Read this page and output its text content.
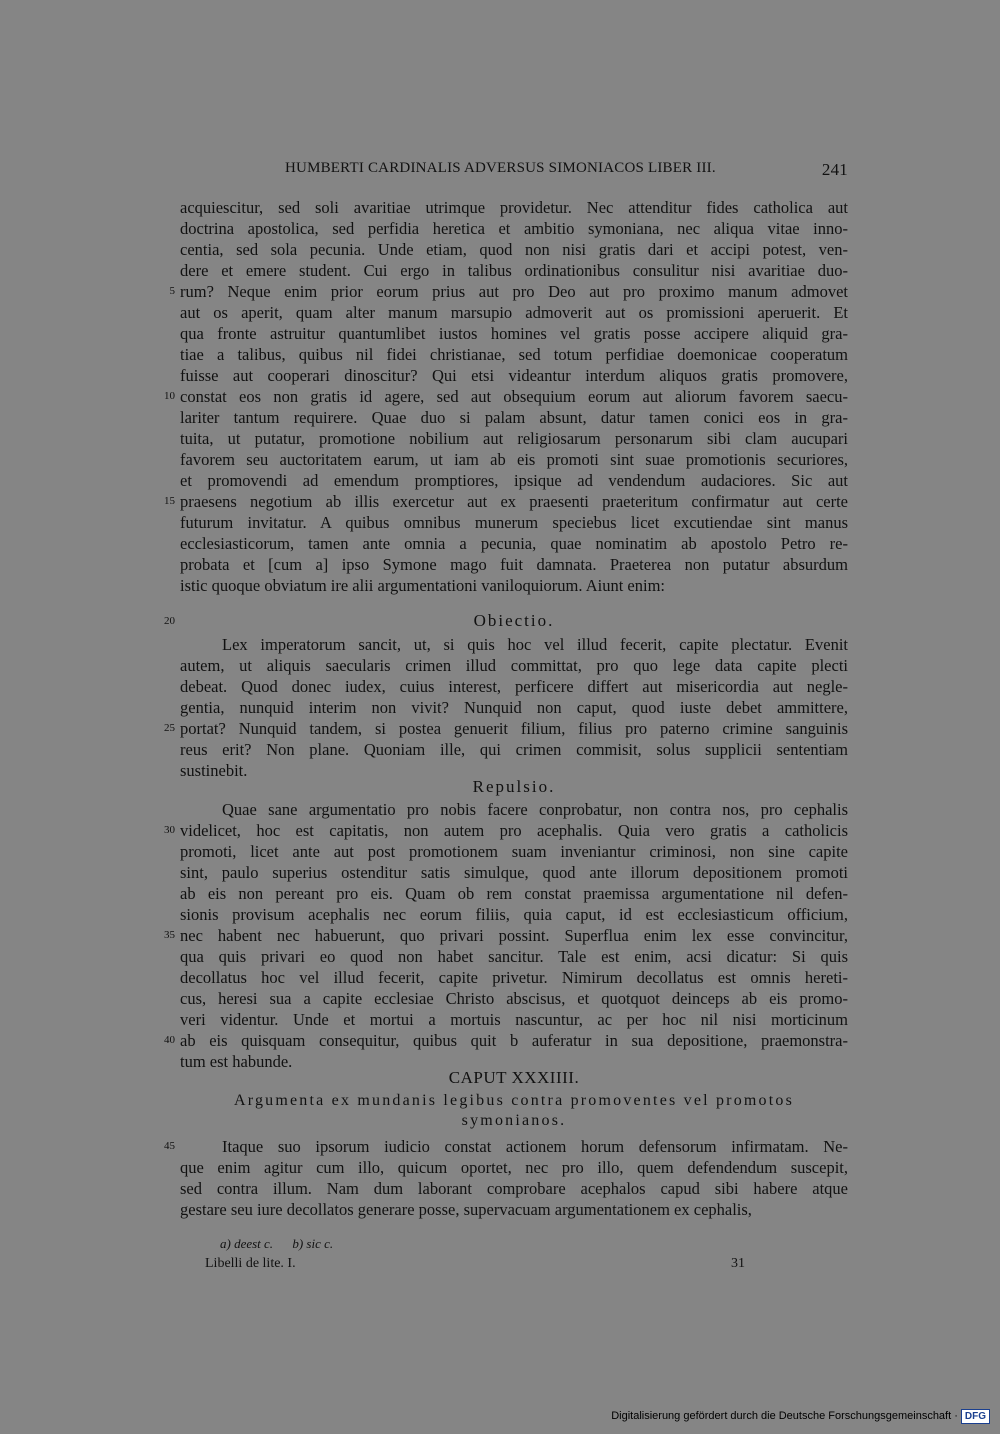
HUMBERTI CARDINALIS ADVERSUS SIMONIACOS LIBER III.	241
acquiescitur, sed soli avaritiae utrimque providetur. Nec attenditur fides catholica aut
doctrina apostolica, sed perfidia heretica et ambitio symoniana, nec aliqua vitae inno-
centia, sed sola pecunia. Unde etiam, quod non nisi gratis dari et accipi potest, ven-
dere et emere student. Cui ergo in talibus ordinationibus consulitur nisi avaritiae duo-
5 rum? Neque enim prior eorum prius aut pro Deo aut pro proximo manum admovet
aut os aperit, quam alter manum marsupio admoverit aut os promissioni aperuerit. Et
qua fronte astruitur quantumlibet iustos homines vel gratis posse accipere aliquid gra-
tiae a talibus, quibus nil fidei christianae, sed totum perfidiae doemonicae cooperatum
fuisse aut cooperari dinoscitur? Qui etsi videantur interdum aliquos gratis promovere,
10 constat eos non gratis id agere, sed aut obsequium eorum aut aliorum favorem saecu-
lariter tantum requirere. Quae duo si palam absunt, datur tamen conici eos in gra-
tuita, ut putatur, promotione nobilium aut religiosarum personarum sibi clam aucupari
favorem seu auctoritatem earum, ut iam ab eis promoti sint suae promotionis securiores,
et promovendi ad emendum promptiores, ipsique ad vendendum audaciores. Sic aut
15 praesens negotium ab illis exercetur aut ex praesenti praeteritum confirmatur aut certe
futurum invitatur. A quibus omnibus munerum speciebus licet excutiendae sint manus
ecclesiasticorum, tamen ante omnia a pecunia, quae nominatim ab apostolo Petro re-
probata et [cum a] ipso Symone mago fuit damnata. Praeterea non putatur absurdum
istic quoque obviatum ire alii argumentationi vaniloquiorum. Aiunt enim:
20	Obiectio.
Lex imperatorum sancit, ut, si quis hoc vel illud fecerit, capite plectatur. Evenit
autem, ut aliquis saecularis crimen illud committat, pro quo lege data capite plecti
debeat. Quod donec iudex, cuius interest, perficere differt aut misericordia aut negle-
gentia, nunquid interim non vivit? Nunquid non caput, quod iuste debet ammittere,
25 portat? Nunquid tandem, si postea genuerit filium, filius pro paterno crimine sanguinis
reus erit? Non plane. Quoniam ille, qui crimen commisit, solus supplicii sententiam
sustinebit.
Repulsio.
Quae sane argumentatio pro nobis facere conprobatur, non contra nos, pro cephalis
30 videlicet, hoc est capitatis, non autem pro acephalis. Quia vero gratis a catholicis
promoti, licet ante aut post promotionem suam inveniantur criminosi, non sine capite
sint, paulo superius ostenditur satis simulque, quod ante illorum depositionem promoti
ab eis non pereant pro eis. Quam ob rem constat praemissa argumentatione nil defen-
sionis provisum acephalis nec eorum filiis, quia caput, id est ecclesiasticum officium,
35 nec habent nec habuerunt, quo privari possint. Superflua enim lex esse convincitur,
qua quis privari eo quod non habet sancitur. Tale est enim, acsi dicatur: Si quis
decollatus hoc vel illud fecerit, capite privetur. Nimirum decollatus est omnis hereti-
cus, heresi sua a capite ecclesiae Christo abscisus, et quotquot deinceps ab eis promo-
veri videntur. Unde et mortui a mortuis nascuntur, ac per hoc nil nisi morticinum
40 ab eis quisquam consequitur, quibus quit b auferatur in sua depositione, praemonstra-
tum est habunde.
CAPUT XXXIIII.
Argumenta ex mundanis legibus contra promoventes vel promotos
symonianos.
45	Itaque suo ipsorum iudicio constat actionem horum defensorum infirmatam. Ne-
que enim agitur cum illo, quicum oportet, nec pro illo, quem defendendum suscepit,
sed contra illum. Nam dum laborant comprobare acephalos capud sibi habere atque
gestare seu iure decollatos generare posse, supervacuam argumentationem ex cephalis,
a) deest c. b) sic c.
Libelli de lite. I.	31
Digitalisierung gefördert durch die Deutsche Forschungsgemeinschaft · DFG
